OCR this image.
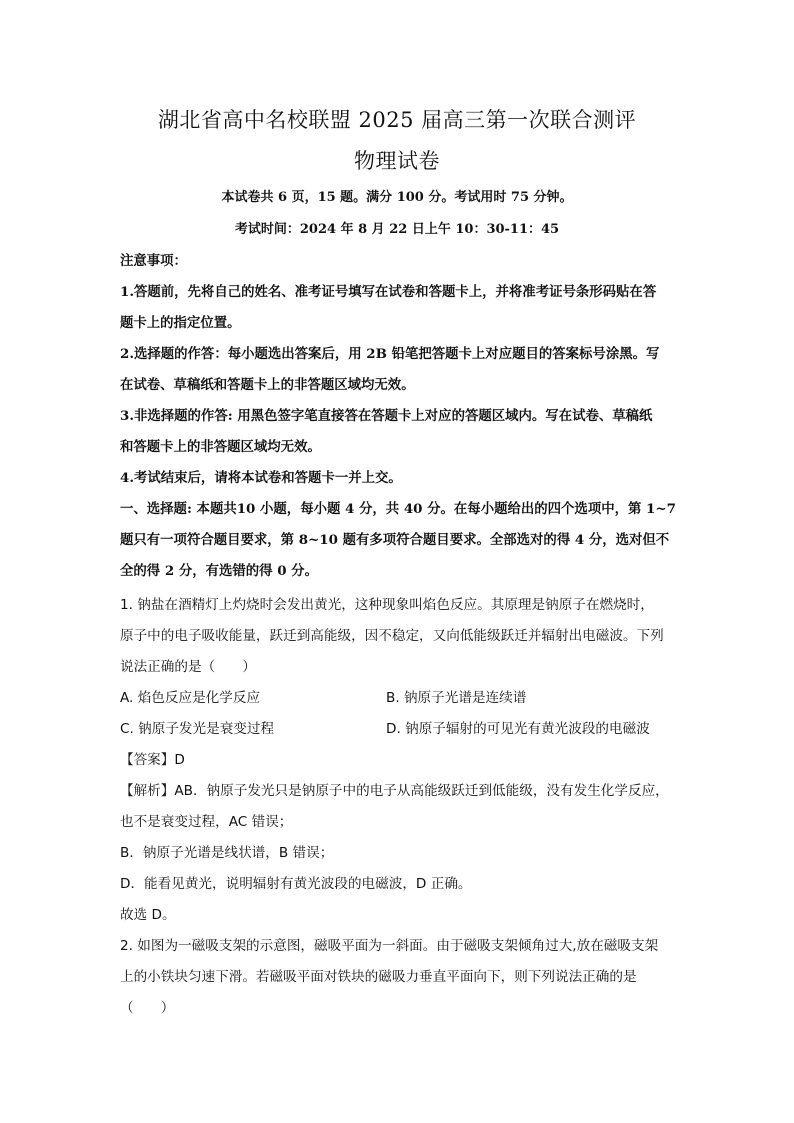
湖北省高中名校联盟 2025 届高三第一次联合测评
物理试卷
本试卷共 6 页，15 题。满分 100 分。考试用时 75 分钟。
考试时间：2024 年 8 月 22 日上午 10：30-11：45
注意事项：
1.答题前，先将自己的姓名、准考证号填写在试卷和答题卡上，并将准考证号条形码贴在答
题卡上的指定位置。
2.选择题的作答：每小题选出答案后，用 2B 铅笔把答题卡上对应题目的答案标号涂黑。写
在试卷、草稿纸和答题卡上的非答题区域均无效。
3.非选择题的作答: 用黑色签字笔直接答在答题卡上对应的答题区域内。写在试卷、草稿纸
和答题卡上的非答题区域均无效。
4.考试结束后，请将本试卷和答题卡一并上交。
一、选择题: 本题共10 小题，每小题 4 分，共 40 分。在每小题给出的四个选项中，第 1~7
题只有一项符合题目要求，第 8~10 题有多项符合题目要求。全部选对的得 4 分，选对但不
全的得 2 分，有选错的得 0 分。
1. 钠盐在酒精灯上灼烧时会发出黄光，这种现象叫焰色反应。其原理是钠原子在燃烧时，
原子中的电子吸收能量，跃迁到高能级，因不稳定，又向低能级跃迁并辐射出电磁波。下列
说法正确的是（　　）
A. 焰色反应是化学反应	B. 钠原子光谱是连续谱
C. 钠原子发光是衰变过程	D. 钠原子辐射的可见光有黄光波段的电磁波
【答案】D
【解析】AB．钠原子发光只是钠原子中的电子从高能级跃迁到低能级，没有发生化学反应，
也不是衰变过程，AC 错误；
B．钠原子光谱是线状谱，B 错误；
D．能看见黄光，说明辐射有黄光波段的电磁波，D 正确。
故选 D。
2. 如图为一磁吸支架的示意图，磁吸平面为一斜面。由于磁吸支架倾角过大,放在磁吸支架
上的小铁块匀速下滑。若磁吸平面对铁块的磁吸力垂直平面向下，则下列说法正确的是
（　　）
